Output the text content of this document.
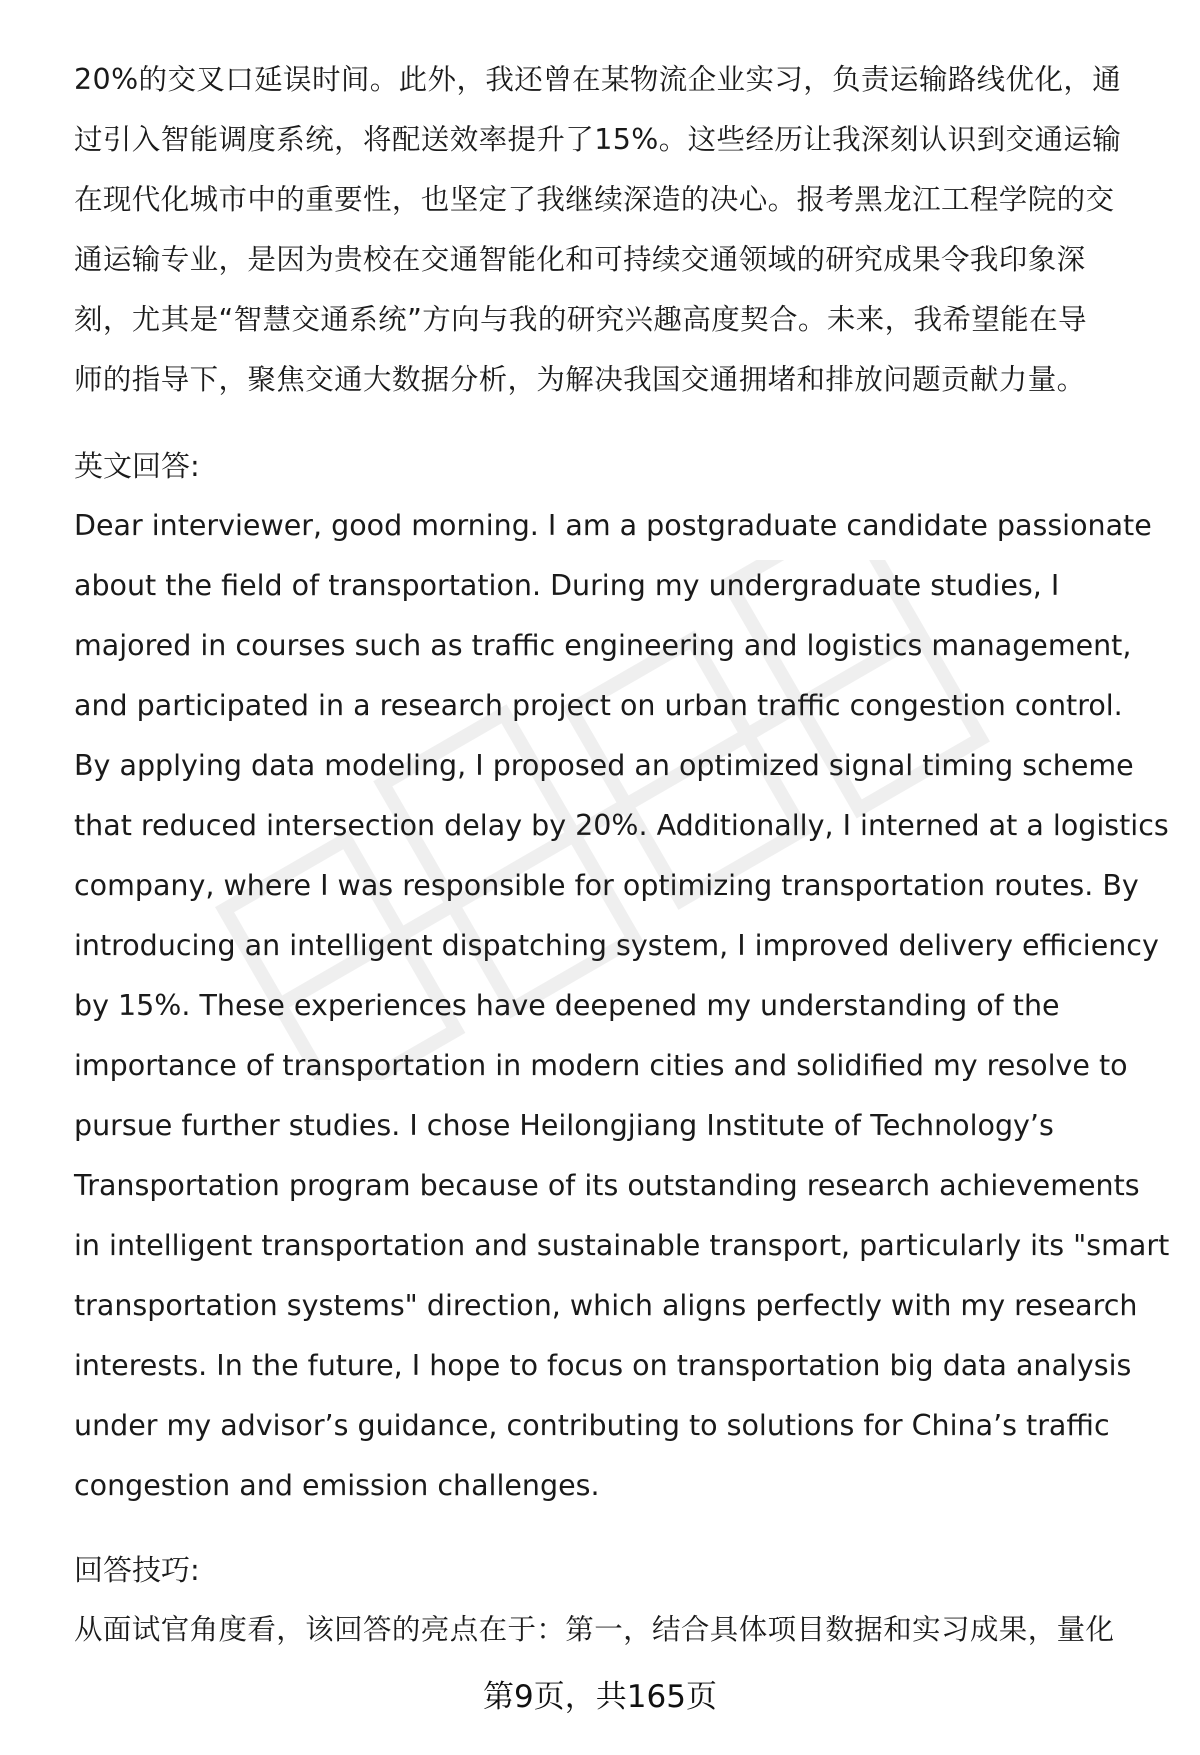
20%的交叉口延误时间。此外，我还曾在某物流企业实习，负责运输路线优化，通
过引入智能调度系统，将配送效率提升了15%。这些经历让我深刻认识到交通运输
在现代化城市中的重要性，也坚定了我继续深造的决心。报考黑龙江工程学院的交
通运输专业，是因为贵校在交通智能化和可持续交通领域的研究成果令我印象深
刻，尤其是“智慧交通系统”方向与我的研究兴趣高度契合。未来，我希望能在导
师的指导下，聚焦交通大数据分析，为解决我国交通拥堵和排放问题贡献力量。
英文回答:
Dear interviewer, good morning. I am a postgraduate candidate passionate
about the field of transportation. During my undergraduate studies, I
majored in courses such as traffic engineering and logistics management,
and participated in a research project on urban traffic congestion control.
By applying data modeling, I proposed an optimized signal timing scheme
that reduced intersection delay by 20%. Additionally, I interned at a logistics
company, where I was responsible for optimizing transportation routes. By
introducing an intelligent dispatching system, I improved delivery efficiency
by 15%. These experiences have deepened my understanding of the
importance of transportation in modern cities and solidified my resolve to
pursue further studies. I chose Heilongjiang Institute of Technology’s
Transportation program because of its outstanding research achievements
in intelligent transportation and sustainable transport, particularly its "smart
transportation systems" direction, which aligns perfectly with my research
interests. In the future, I hope to focus on transportation big data analysis
under my advisor’s guidance, contributing to solutions for China’s traffic
congestion and emission challenges.
回答技巧:
从面试官角度看，该回答的亮点在于：第一，结合具体项目数据和实习成果，量化
第9页，共165页
